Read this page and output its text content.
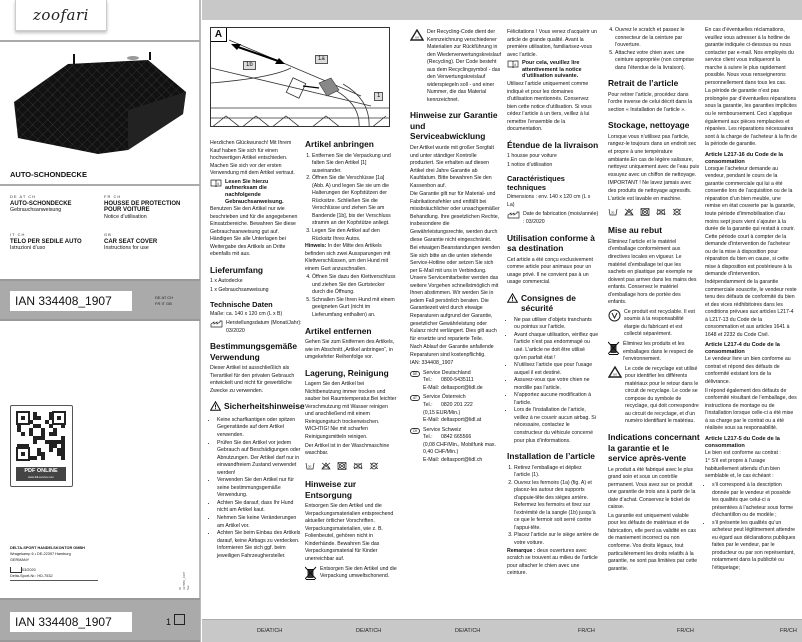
zoofari
AUTO-SCHONDECKE
DE AT CH
AUTO-SCHONDECKE
Gebrauchsanweisung
FR CH
HOUSSE DE PROTECTION POUR VOITURE
Notice d’utilisation
IT CH
TELO PER SEDILE AUTO
Istruzioni d’uso
GB
CAR SEAT COVER
Instructions for use
IAN 334408_1907	DE AT CH
FR IT GB
PDF ONLINE
www.lidl-service.com
DELTA-SPORT HANDELSKONTOR GMBH
Wragekamp 6 • DE-22397 Hamburg
GERMANY
03/2020
Delta-Sport-Nr.: HD-7532
ID 327880_1907 Sat
IAN 334408_1907	1
A
1a
1b
1

Herzlichen Glückwunsch! Mit Ihrem Kauf haben Sie sich für einen hochwertigen Artikel entschieden. Machen Sie sich vor der ersten Verwendung mit dem Artikel vertraut.

i Lesen Sie hierzu aufmerksam die nachfolgende Gebrauchsanweisung.

Benutzen Sie den Artikel nur wie beschrieben und für die angegebenen Einsatzbereiche. Bewahren Sie diese Gebrauchsanweisung gut auf. Händigen Sie alle Unterlagen bei Weitergabe des Artikels an Dritte ebenfalls mit aus.

Lieferumfang

1 x Autodecke

1 x Gebrauchsanweisung

Technische Daten

Maße: ca. 140 x 120 cm (L x B)

Herstellungsdatum (Monat/Jahr): 03/2020
Bestimmungsgemäße Verwendung

Dieser Artikel ist ausschließlich als Tierartikel für den privaten Gebrauch entwickelt und nicht für gewerbliche Zwecke zu verwenden.

Sicherheitshinweise
• Keine scharfkantigen oder spitzen Gegenstände auf dem Artikel verwenden.
• Prüfen Sie den Artikel vor jedem Gebrauch auf Beschädigungen oder Abnutzungen. Der Artikel darf nur in einwandfreiem Zustand verwendet werden!
• Verwenden Sie den Artikel nur für seine bestimmungsgemäße Verwendung.
• Achten Sie darauf, dass Ihr Hund nicht am Artikel kaut.
• Nehmen Sie keine Veränderungen am Artikel vor.
• Achten Sie beim Einbau des Artikels darauf, keine Airbags zu verdecken. Informieren Sie sich ggf. beim jeweiligen Fahrzeughersteller.
Artikel anbringen
1. Entfernen Sie die Verpackung und falten Sie den Artikel [1] auseinander.
2. Öffnen Sie die Verschlüsse [1a] (Abb. A) und legen Sie sie um die Halterungen der Kopfstützen der Rücksitze. Schließen Sie die Verschlüsse und ziehen Sie am Bandende [1b], bis der Verschluss stramm an der Kopfstütze anliegt.
3. Legen Sie den Artikel auf den Rücksitz Ihres Autos.

Hinweis: In der Mitte des Artikels befinden sich zwei Aussparungen mit Klettverschlüssen, um den Hund mit einem Gurt anzuschnallen.

4. Öffnen Sie dazu den Klettverschluss und ziehen Sie den Gurtstecker durch die Öffnung.
5. Schnallen Sie Ihren Hund mit einem geeigneten Gurt (nicht im Lieferumfang enthalten) an.
Artikel entfernen

Gehen Sie zum Entfernen des Artikels, wie im Abschnitt „Artikel anbringen“, in umgekehrter Reihenfolge vor.

Lagerung, Reinigung

Lagern Sie den Artikel bei Nichtbenutzung immer trocken und sauber bei Raumtemperatur.Bei leichter Verschmutzung mit Wasser reinigen und anschließend mit einem Reinigungstuch trockenwischen. WICHTIG! Nie mit scharfen Reinigungsmitteln reinigen.

Der Artikel ist in der Waschmaschine waschbar.

30
Hinweise zur Entsorgung

Entsorgen Sie den Artikel und die Verpackungsmaterialien entsprechend aktueller örtlicher Vorschriften. Verpackungsmaterialien, wie z. B. Folienbeutel, gehören nicht in Kinderhände. Bewahren Sie das Verpackungsmaterial für Kinder unerreichbar auf.

Entsorgen Sie den Artikel und die Verpackung umweltschonend.
XX
Der Recycling-Code dient der Kennzeichnung verschiedener Materialien zur Rückführung in den Wiederverwertungskreislauf (Recycling). Der Code besteht aus dem Recyclingsymbol - das den Verwertungskreislauf widerspiegeln soll - und einer Nummer, die das Material kennzeichnet.
Hinweise zur Garantie und Serviceabwicklung

Der Artikel wurde mit großer Sorgfalt und unter ständiger Kontrolle produziert. Sie erhalten auf diesen Artikel drei Jahre Garantie ab Kaufdatum. Bitte bewahren Sie den Kassenbon auf.

Die Garantie gilt nur für Material- und Fabrikationsfehler und entfällt bei missbräuchlicher oder unsachgemäßer Behandlung. Ihre gesetzlichen Rechte, insbesondere die Gewährleistungsrechte, werden durch diese Garantie nicht eingeschränkt.

Bei etwaigen Beanstandungen wenden Sie sich bitte an die unten stehende Service-Hotline oder setzen Sie sich per E-Mail mit uns in Verbindung. Unsere Servicemitarbeiter werden das weitere Vorgehen schnellstmöglich mit Ihnen abstimmen. Wir werden Sie in jedem Fall persönlich beraten. Die Garantiezeit wird durch etwaige Reparaturen aufgrund der Garantie, gesetzlicher Gewährleistung oder Kulanz nicht verlängert. Dies gilt auch für ersetzte und reparierte Teile.

Nach Ablauf der Garantie anfallende Reparaturen sind kostenpflichtig.

IAN: 334408_1907

DE	Service Deutschland
Tel.:	0800-5435111
E-Mail: deltasport@lidl.de
AT	Service Österreich
Tel.:	0820 201 222
(0,15 EUR/Min.)
E-Mail: deltasport@lidl.at
CH	Service Schweiz
Tel.:	0842 665566
(0,08 CHF/Min., Mobilfunk max. 0,40 CHF/Min.)
E-Mail: deltasport@lidl.ch

Félicitations ! Vous venez d’acquérir un article de grande qualité. Avant la première utilisation, familiarisez-vous avec l’article.

i Pour cela, veuillez lire attentivement la notice d’utilisation suivante.

Utilisez l’article uniquement comme indiqué et pour les domaines d’utilisation mentionnés. Conservez bien cette notice d’utilisation. Si vous cédez l’article à un tiers, veillez à lui remettre l’ensemble de la documentation.

Étendue de la livraison

1 housse pour voiture

1 notice d’utilisation

Caractéristiques techniques

Dimensions : env. 140 x 120 cm (L x La)

Date de fabrication (mois/année) : 03/2020
Utilisation conforme à sa destination

Cet article a été conçu exclusivement comme article pour animaux pour un usage privé. Il ne convient pas à un usage commercial.

Consignes de sécurité
• Ne pas utiliser d’objets tranchants ou pointus sur l’article.
• Avant chaque utilisation, vérifiez que l’article n’est pas endommagé ou usé. L’article ne doit être utilisé qu’en parfait état !
• N’utilisez l’article que pour l’usage auquel il est destiné.
• Assurez-vous que votre chien ne mordille pas l’article.
• N’apportez aucune modification à l’article.
• Lors de l’installation de l’article, veillez à ne couvrir aucun airbag. Si nécessaire, contactez le constructeur du véhicule concerné pour plus d’informations.
Installation de l’article
1. Retirez l’emballage et dépliez l’article (1).
2. Ouvrez les fermoirs (1a) (fig. A) et placez-les autour des supports d’appuie-tête des sièges arrière. Refermez les fermoirs et tirez sur l’extrémité de la sangle (1b) jusqu’à ce que le fermoir soit serré contre l’appui-tête.
3. Placez l’article sur le siège arrière de votre voiture.

Remarque : deux ouvertures avec scratch se trouvent au milieu de l’article pour attacher le chien avec une ceinture.

4. Ouvrez le scratch et passez le connecteur de la ceinture par l’ouverture.
5. Attachez votre chien avec une ceinture appropriée (non comprise dans l’étendue de la livraison).
Retrait de l’article

Pour retirer l’article, procédez dans l’ordre inverse de celui décrit dans la section « Installation de l’article ».

Stockage, nettoyage

Lorsque vous n’utilisez pas l’article, rangez-le toujours dans un endroit sec et propre à une température ambiante.En cas de légère salissure, nettoyez uniquement avec de l’eau puis essuyez avec un chiffon de nettoyage.

IMPORTANT ! Ne lavez jamais avec des produits de nettoyage agressifs.

L’article est lavable en machine.

30
Mise au rebut

Éliminez l’article et le matériel d’emballage conformément aux directives locales en vigueur. Le matériel d’emballage tel que les sachets en plastique par exemple ne doivent pas arriver dans les mains des enfants. Conservez le matériel d’emballage hors de portée des enfants.

Ce produit est recyclable. Il est soumis à la responsabilité élargie du fabricant et est collecté séparément.
Éliminez les produits et les emballages dans le respect de l’environnement.
XX
Le code de recyclage est utilisé pour identifier les différents matériaux pour le retour dans le circuit de recyclage. Le code se compose du symbole de recyclage, qui doit correspondre au circuit de recyclage, et d’un numéro identifiant le matériau.
Indications concernant la garantie et le service après-vente

Le produit a été fabriqué avec le plus grand soin et sous un contrôle permanent. Vous avez sur ce produit une garantie de trois ans à partir de la date d’achat. Conservez le ticket de caisse.

La garantie est uniquement valable pour les défauts de matériaux et de fabrication, elle perd sa validité en cas de maniement incorrect ou non conforme. Vos droits légaux, tout particulièrement les droits relatifs à la garantie, ne sont pas limitées par cette garantie.

En cas d’éventuelles réclamations, veuillez vous adresser à la hotline de garantie indiquée ci-dessous ou nous contacter par e-mail. Nos employés du service client vous indiqueront la marche à suivre le plus rapidement possible. Nous vous renseignerons personnellement dans tous les cas.

La période de garantie n’est pas prolongée par d’éventuelles réparations sous la garantie, les garanties implicites ou le remboursement. Ceci s’applique également aux pièces remplacées et réparées. Les réparations nécessaires sont à la charge de l’acheteur à la fin de la période de garantie.

Article L217-16 du Code de la consommation

Lorsque l’acheteur demande au vendeur, pendant le cours de la garantie commerciale qui lui a été consentie lors de l’acquisition ou de la réparation d’un bien meuble, une remise en état couverte par la garantie, toute période d’immobilisation d’au moins sept jours vient s’ajouter à la durée de la garantie qui restait à courir. Cette période court à compter de la demande d’intervention de l’acheteur ou de la mise à disposition pour réparation du bien en cause, si cette mise à disposition est postérieure à la demande d’intervention. Indépendamment de la garantie commerciale souscrite, le vendeur reste tenu des défauts de conformité du bien et des vices rédhibitoires dans les conditions prévues aux articles L217-4 à L217-13 du Code de la consommation et aux articles 1641 à 1648 et 2232 du Code Civil.

Article L217-4 du Code de la consommation

Le vendeur livre un bien conforme au contrat et répond des défauts de conformité existant lors de la délivrance.

Il répond également des défauts de conformité résultant de l’emballage, des instructions de montage ou de l’installation lorsque celle-ci a été mise à sa charge par le contrat ou a été réalisée sous sa responsabilité.

Article L217-5 du Code de la consommation

Le bien est conforme au contrat :

1° S’il est propre à l’usage habituellement attendu d’un bien semblable et, le cas échéant :

• s’il correspond à la description donnée par le vendeur et possède les qualités que celui-ci a présentées à l’acheteur sous forme d’échantillon ou de modèle ;
• s’il présente les qualités qu’un acheteur peut légitimement attendre eu égard aux déclarations publiques faites par le vendeur, par le producteur ou par son représentant, notamment dans la publicité ou l’étiquetage;
DE/AT/CH	DE/AT/CH	DE/AT/CH	FR/CH	FR/CH	FR/CH
